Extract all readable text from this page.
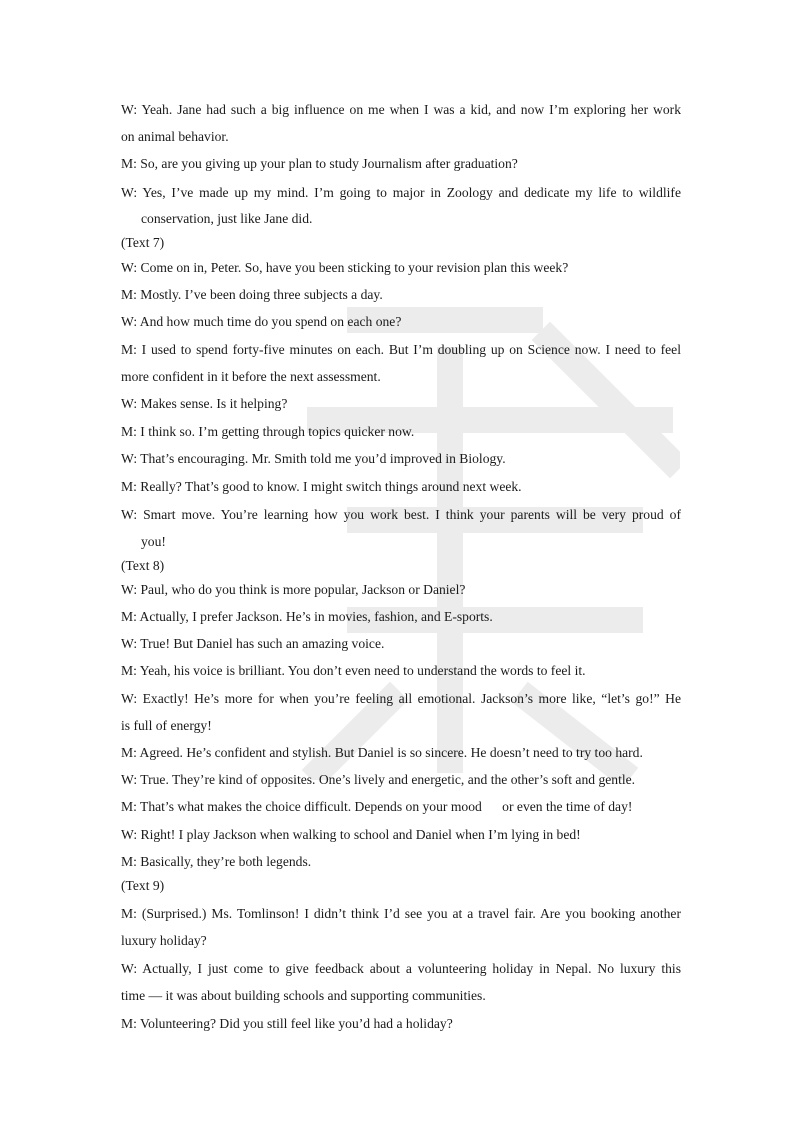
W: Yeah. Jane had such a big influence on me when I was a kid, and now I’m exploring her work
on animal behavior.
M: So, are you giving up your plan to study Journalism after graduation?
W: Yes, I’ve made up my mind. I’m going to major in Zoology and dedicate my life to wildlife
conservation, just like Jane did.
(Text 7)
W: Come on in, Peter. So, have you been sticking to your revision plan this week?
M: Mostly. I’ve been doing three subjects a day.
W: And how much time do you spend on each one?
M: I used to spend forty-five minutes on each. But I’m doubling up on Science now. I need to feel
more confident in it before the next assessment.
W: Makes sense. Is it helping?
M: I think so. I’m getting through topics quicker now.
W: That’s encouraging. Mr. Smith told me you’d improved in Biology.
M: Really? That’s good to know. I might switch things around next week.
W: Smart move. You’re learning how you work best. I think your parents will be very proud of
you!
(Text 8)
W: Paul, who do you think is more popular, Jackson or Daniel?
M: Actually, I prefer Jackson. He’s in movies, fashion, and E-sports.
W: True! But Daniel has such an amazing voice.
M: Yeah, his voice is brilliant. You don’t even need to understand the words to feel it.
W: Exactly! He’s more for when you’re feeling all emotional. Jackson’s more like, “let’s go!” He
is full of energy!
M: Agreed. He’s confident and stylish. But Daniel is so sincere. He doesn’t need to try too hard.
W: True. They’re kind of opposites. One’s lively and energetic, and the other’s soft and gentle.
M: That’s what makes the choice difficult. Depends on your mood      or even the time of day!
W: Right! I play Jackson when walking to school and Daniel when I’m lying in bed!
M: Basically, they’re both legends.
(Text 9)
M: (Surprised.) Ms. Tomlinson! I didn’t think I’d see you at a travel fair. Are you booking another
luxury holiday?
W: Actually, I just come to give feedback about a volunteering holiday in Nepal. No luxury this
time — it was about building schools and supporting communities.
M: Volunteering? Did you still feel like you’d had a holiday?
